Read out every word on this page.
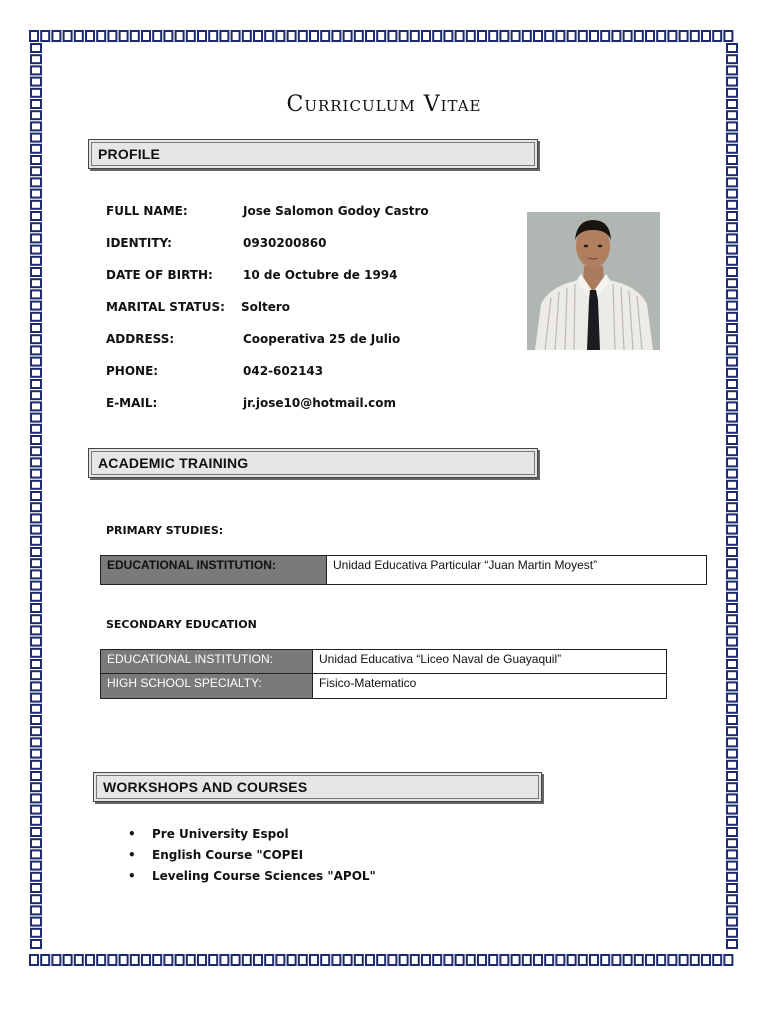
Curriculum Vitae
PROFILE
FULL NAME:	Jose Salomon Godoy Castro
IDENTITY:	0930200860
DATE OF BIRTH:	10 de Octubre de 1994
MARITAL STATUS:	Soltero
ADDRESS:	Cooperativa 25 de Julio
PHONE:	042-602143
E-MAIL:	jr.jose10@hotmail.com
ACADEMIC TRAINING
PRIMARY STUDIES:
EDUCATIONAL INSTITUTION:	Unidad Educativa Particular “Juan Martin Moyest”
SECONDARY EDUCATION
EDUCATIONAL INSTITUTION:	Unidad Educativa “Liceo Naval de Guayaquil”
HIGH SCHOOL SPECIALTY:	Fisico-Matematico
WORKSHOPS AND COURSES
• Pre University Espol
• English Course "COPEI
• Leveling Course Sciences "APOL"
